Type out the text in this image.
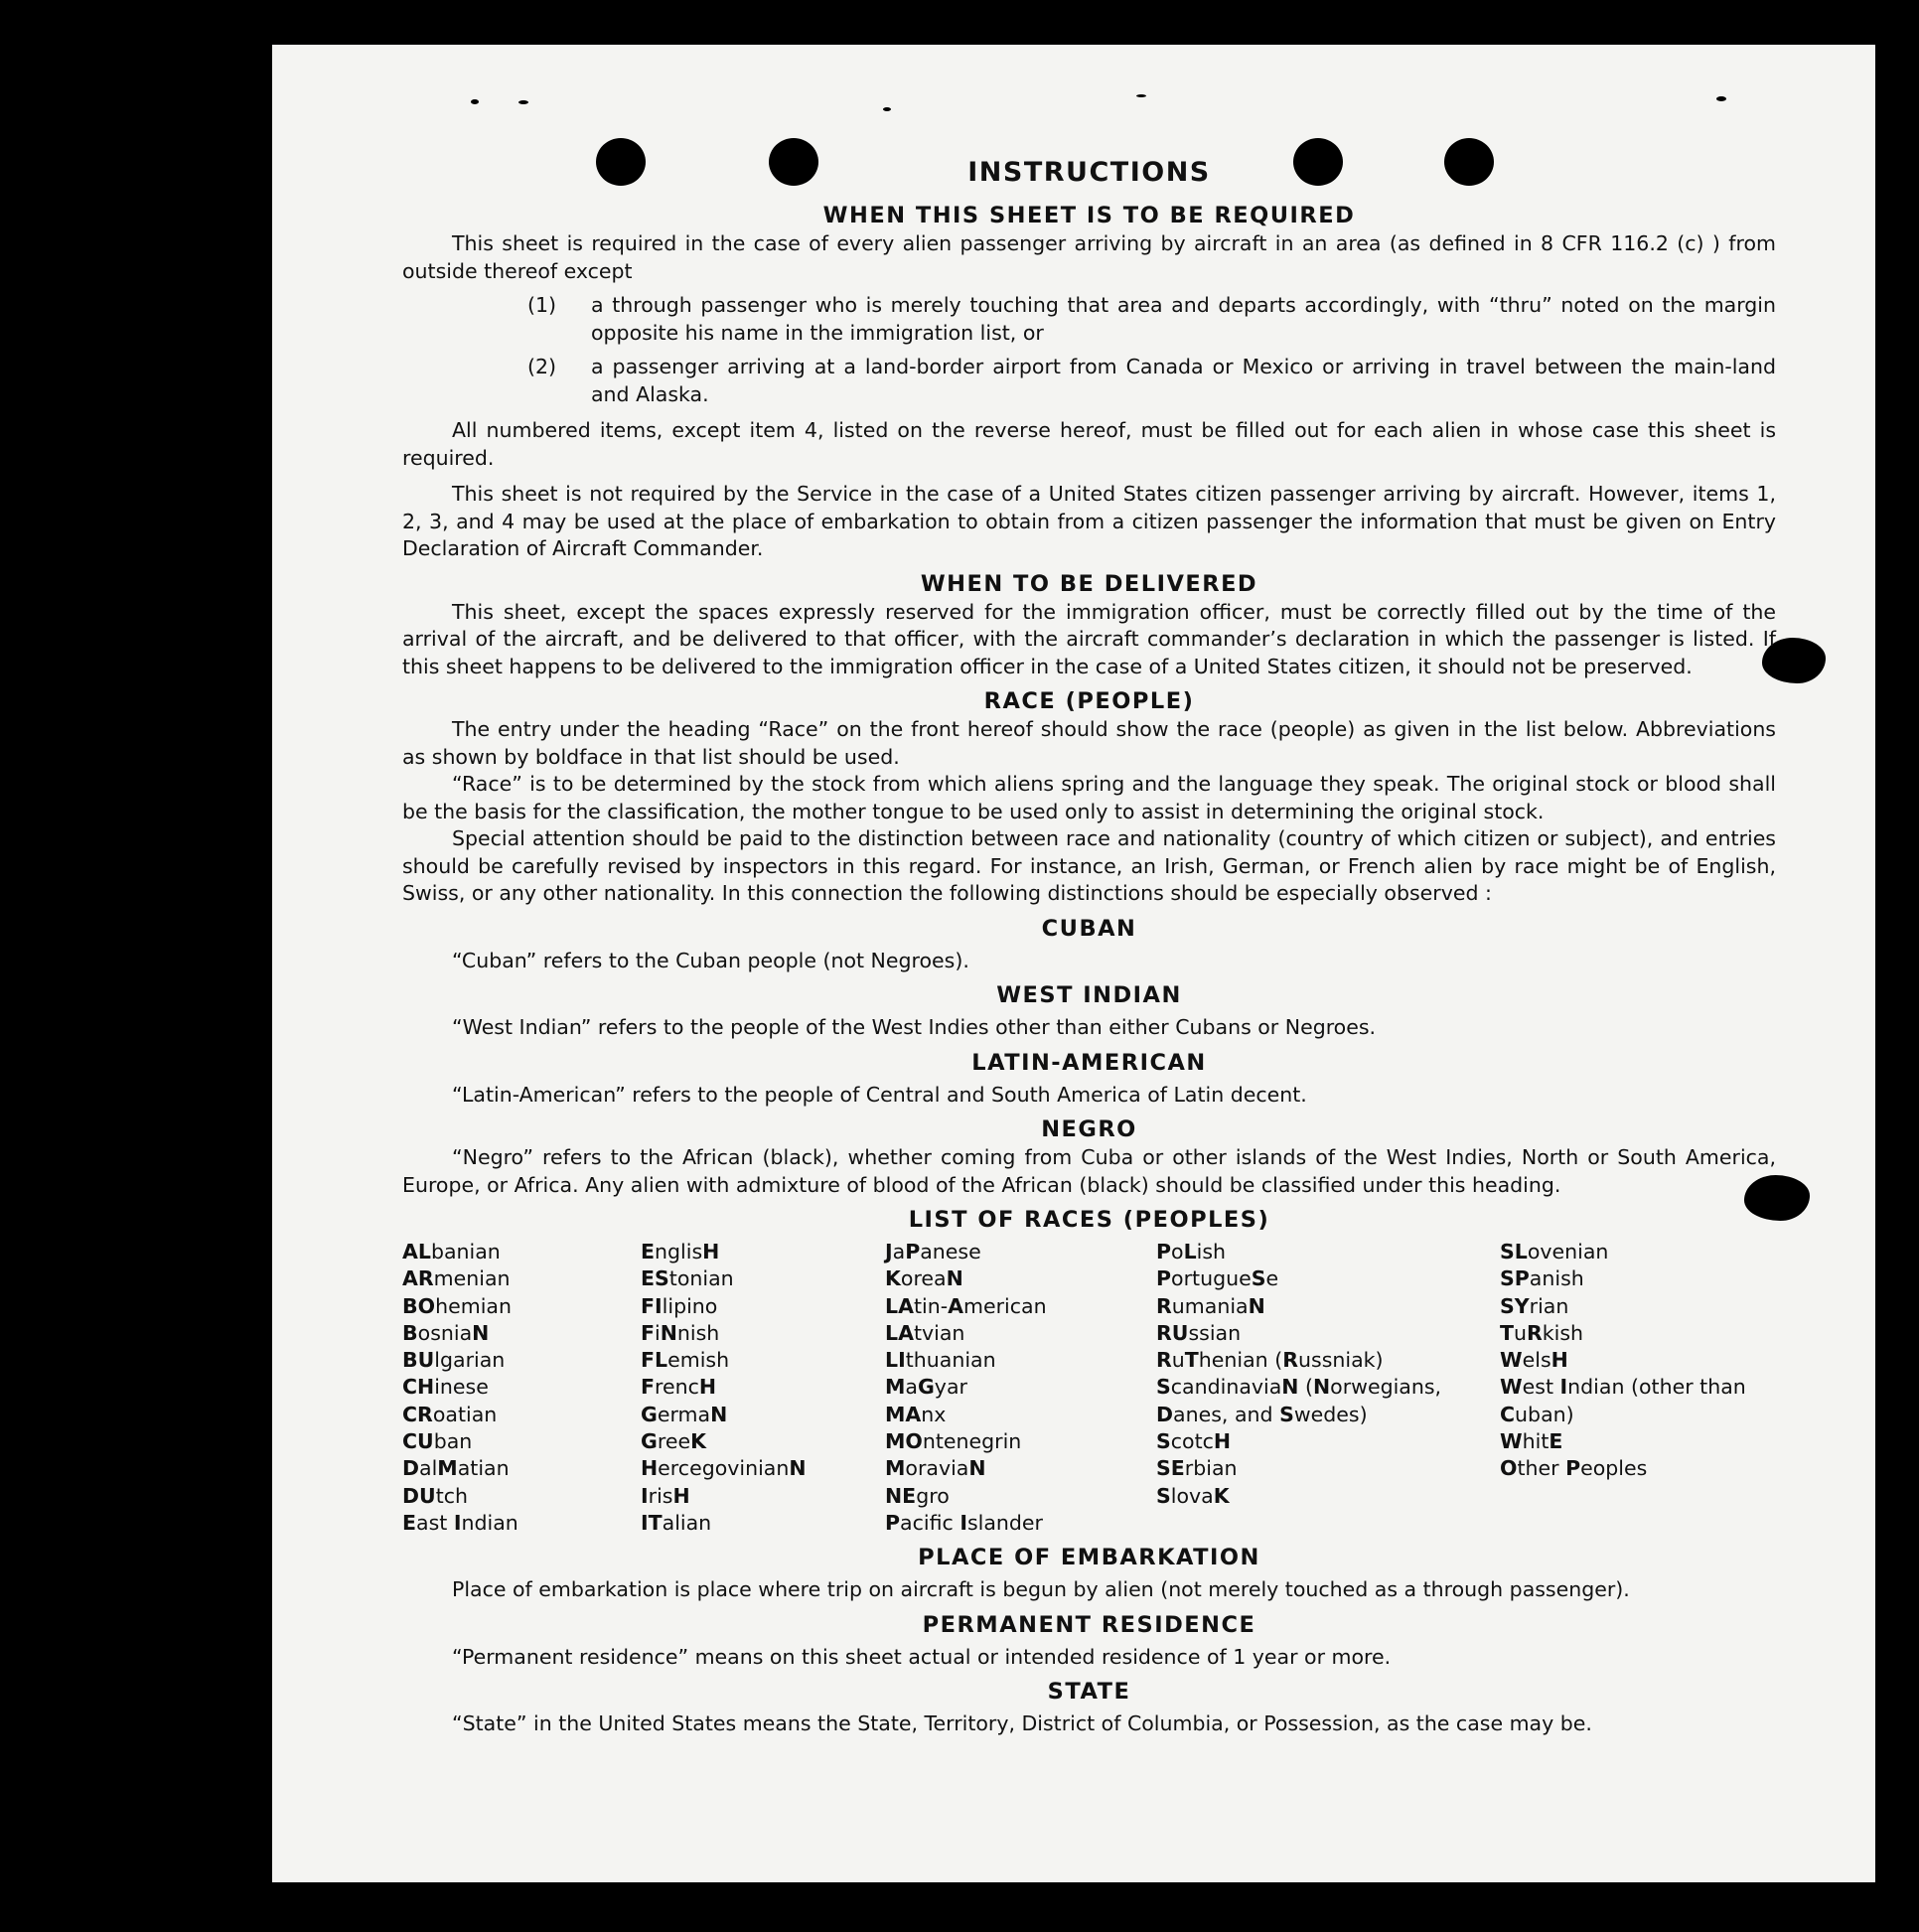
INSTRUCTIONS
WHEN THIS SHEET IS TO BE REQUIRED

This sheet is required in the case of every alien passenger arriving by aircraft in an area (as defined in 8 CFR 116.2 (c) ) from outside thereof except

(1)	a through passenger who is merely touching that area and departs accordingly, with “thru” noted on the margin opposite his name in the immigration list, or
(2)	a passenger arriving at a land-border airport from Canada or Mexico or arriving in travel between the main-land and Alaska.

All numbered items, except item 4, listed on the reverse hereof, must be filled out for each alien in whose case this sheet is required.

This sheet is not required by the Service in the case of a United States citizen passenger arriving by aircraft. However, items 1, 2, 3, and 4 may be used at the place of embarkation to obtain from a citizen passenger the information that must be given on Entry Declaration of Aircraft Commander.

WHEN TO BE DELIVERED

This sheet, except the spaces expressly reserved for the immigration officer, must be correctly filled out by the time of the arrival of the aircraft, and be delivered to that officer, with the aircraft commander’s declaration in which the passenger is listed. If this sheet happens to be delivered to the immigration officer in the case of a United States citizen, it should not be preserved.

RACE (PEOPLE)

The entry under the heading “Race” on the front hereof should show the race (people) as given in the list below. Abbreviations as shown by boldface in that list should be used.

“Race” is to be determined by the stock from which aliens spring and the language they speak. The original stock or blood shall be the basis for the classification, the mother tongue to be used only to assist in determining the original stock.

Special attention should be paid to the distinction between race and nationality (country of which citizen or subject), and entries should be carefully revised by inspectors in this regard. For instance, an Irish, German, or French alien by race might be of English, Swiss, or any other nationality. In this connection the following distinctions should be especially observed :

CUBAN

“Cuban” refers to the Cuban people (not Negroes).

WEST INDIAN

“West Indian” refers to the people of the West Indies other than either Cubans or Negroes.

LATIN-AMERICAN

“Latin-American” refers to the people of Central and South America of Latin decent.

NEGRO

“Negro” refers to the African (black), whether coming from Cuba or other islands of the West Indies, North or South America, Europe, or Africa. Any alien with admixture of blood of the African (black) should be classified under this heading.

LIST OF RACES (PEOPLES)
ALbanian
ARmenian
BOhemian
BosniaN
BUlgarian
CHinese
CRoatian
CUban
DalMatian
DUtch
East Indian
EnglisH
EStonian
FIlipino
FiNnish
FLemish
FrencH
GermaN
GreeK
HercegovinianN
IrisH
ITalian
JaPanese
KoreaN
LAtin-American
LAtvian
LIthuanian
MaGyar
MAnx
MOntenegrin
MoraviaN
NEgro
Pacifc Islander
PoLish
PortugueSe
RumaniaN
RUssian
RuThenian (Russniak)
ScandinaviaN (Norwegians, Danes, and Swedes)
ScotcH
SErbian
SlovaK
SLovenian
SPanish
SYrian
TuRkish
WelsH
West Indian (other than Cuban)
WhitE
Other Peoples
PLACE OF EMBARKATION

Place of embarkation is place where trip on aircraft is begun by alien (not merely touched as a through passenger).

PERMANENT RESIDENCE

“Permanent residence” means on this sheet actual or intended residence of 1 year or more.

STATE

“State” in the United States means the State, Territory, District of Columbia, or Possession, as the case may be.
